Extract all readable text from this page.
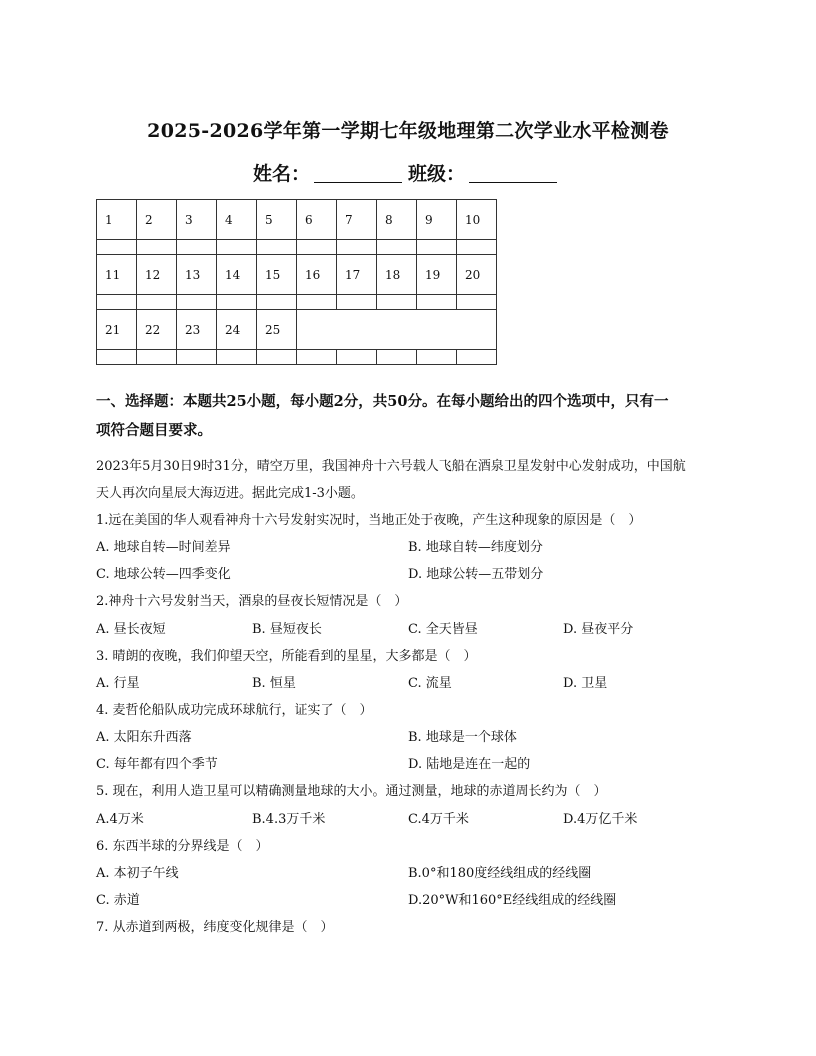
2025-2026学年第一学期七年级地理第二次学业水平检测卷
姓名：	班级：
1	2	3	4	5	6	7	8	9	10

11	12	13	14	15	16	17	18	19	20

21	22	23	24	25					

一、选择题：本题共25小题，每小题2分，共50分。在每小题给出的四个选项中，只有一
项符合题目要求。
2023年5月30日9时31分，晴空万里，我国神舟十六号载人飞船在酒泉卫星发射中心发射成功，中国航
天人再次向星辰大海迈进。据此完成1-3小题。
1.远在美国的华人观看神舟十六号发射实况时，当地正处于夜晚，产生这种现象的原因是（　）
A. 地球自转—时间差异	B. 地球自转—纬度划分
C. 地球公转—四季变化	D. 地球公转—五带划分
2.神舟十六号发射当天，酒泉的昼夜长短情况是（　）
A. 昼长夜短	B. 昼短夜长	C. 全天皆昼	D. 昼夜平分
3. 晴朗的夜晚，我们仰望天空，所能看到的星星，大多都是（　）
A. 行星	B. 恒星	C. 流星	D. 卫星
4. 麦哲伦船队成功完成环球航行，证实了（　）
A. 太阳东升西落	B. 地球是一个球体
C. 每年都有四个季节	D. 陆地是连在一起的
5. 现在，利用人造卫星可以精确测量地球的大小。通过测量，地球的赤道周长约为（　）
A.4万米	B.4.3万千米	C.4万千米	D.4万亿千米
6. 东西半球的分界线是（　）
A. 本初子午线	B.0°和180度经线组成的经线圈
C. 赤道	D.20°W和160°E经线组成的经线圈
7. 从赤道到两极，纬度变化规律是（　）
